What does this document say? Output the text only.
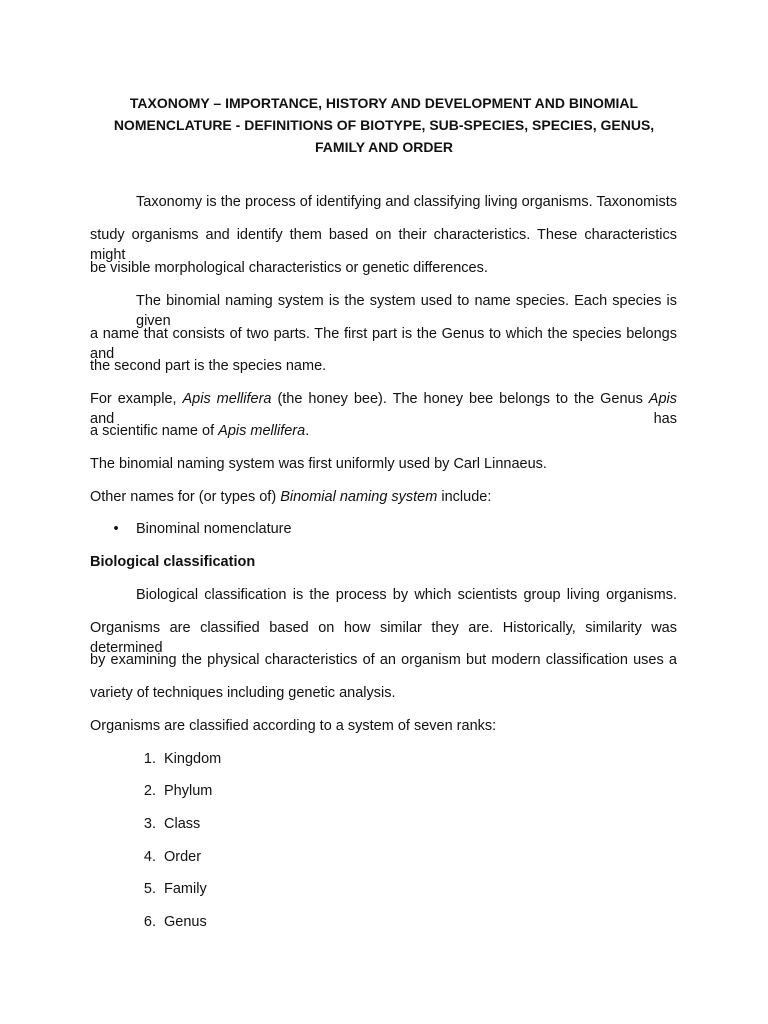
TAXONOMY – IMPORTANCE, HISTORY AND DEVELOPMENT AND BINOMIAL
NOMENCLATURE - DEFINITIONS OF BIOTYPE, SUB-SPECIES, SPECIES, GENUS,
FAMILY AND ORDER

Taxonomy is the process of identifying and classifying living organisms. Taxonomists

study organisms and identify them based on their characteristics. These characteristics might

be visible morphological characteristics or genetic differences.

The binomial naming system is the system used to name species. Each species is given

a name that consists of two parts. The first part is the Genus to which the species belongs and

the second part is the species name.

For example, Apis mellifera (the honey bee). The honey bee belongs to the Genus Apis and has

a scientific name of Apis mellifera.

The binomial naming system was first uniformly used by Carl Linnaeus.

Other names for (or types of) Binomial naming system include:

• Binominal nomenclature

Biological classification

Biological classification is the process by which scientists group living organisms.

Organisms are classified based on how similar they are. Historically, similarity was determined

by examining the physical characteristics of an organism but modern classification uses a

variety of techniques including genetic analysis.

Organisms are classified according to a system of seven ranks:

1. Kingdom
2. Phylum
3. Class
4. Order
5. Family
6. Genus
